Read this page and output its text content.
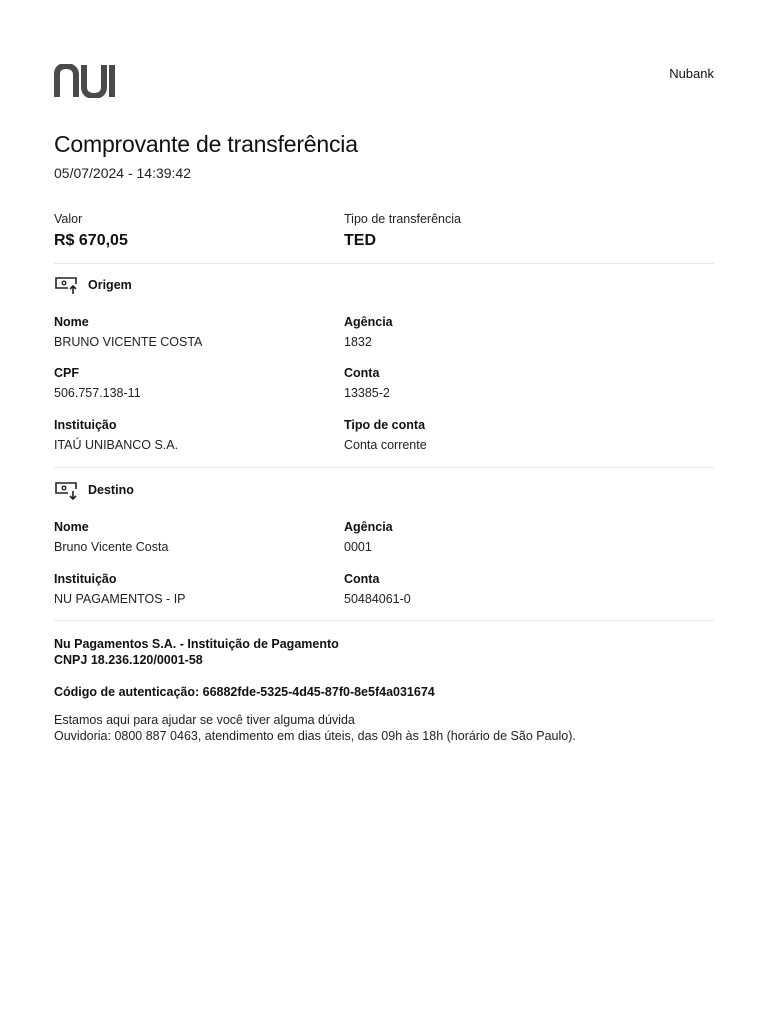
Nubank
Comprovante de transferência
05/07/2024 - 14:39:42
Valor
R$ 670,05
Tipo de transferência
TED
Origem
Nome
BRUNO VICENTE COSTA
Agência
1832
CPF
506.757.138-11
Conta
13385-2
Instituição
ITAÚ UNIBANCO S.A.
Tipo de conta
Conta corrente
Destino
Nome
Bruno Vicente Costa
Agência
0001
Instituição
NU PAGAMENTOS - IP
Conta
50484061-0
Nu Pagamentos S.A. - Instituição de Pagamento
CNPJ 18.236.120/0001-58
Código de autenticação: 66882fde-5325-4d45-87f0-8e5f4a031674
Estamos aqui para ajudar se você tiver alguma dúvida
Ouvidoria: 0800 887 0463, atendimento em dias úteis, das 09h às 18h (horário de São Paulo).
